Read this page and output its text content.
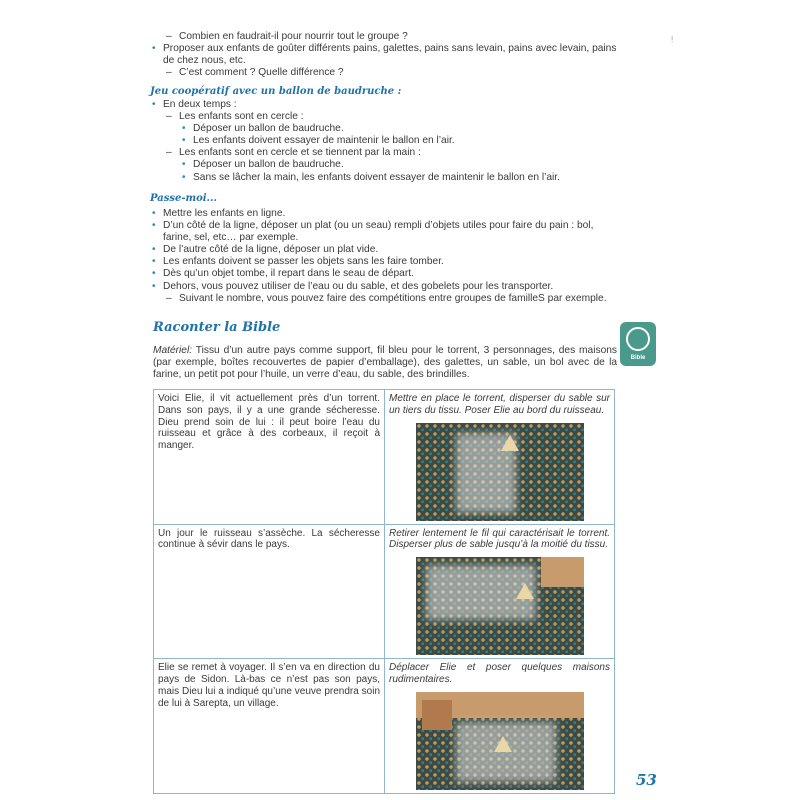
!
– Combien en faudrait-il pour nourrir tout le groupe ?
• Proposer aux enfants de goûter différents pains, galettes, pains sans levain, pains avec levain, pains de chez nous, etc.
– C’est comment ? Quelle différence ?
Jeu coopératif avec un ballon de baudruche :
• En deux temps :
– Les enfants sont en cercle :
• Déposer un ballon de baudruche.
• Les enfants doivent essayer de maintenir le ballon en l’air.
– Les enfants sont en cercle et se tiennent par la main :
• Déposer un ballon de baudruche.
• Sans se lâcher la main, les enfants doivent essayer de maintenir le ballon en l’air.
Passe-moi...
• Mettre les enfants en ligne.
• D’un côté de la ligne, déposer un plat (ou un seau) rempli d’objets utiles pour faire du pain : bol, farine, sel, etc… par exemple.
• De l’autre côté de la ligne, déposer un plat vide.
• Les enfants doivent se passer les objets sans les faire tomber.
• Dès qu’un objet tombe, il repart dans le seau de départ.
• Dehors, vous pouvez utiliser de l’eau ou du sable, et des gobelets pour les transporter.
– Suivant le nombre, vous pouvez faire des compétitions entre groupes de familleS par exemple.
Raconter la Bible
Bible
Matériel: Tissu d’un autre pays comme support, fil bleu pour le torrent, 3 personnages, des maisons (par exemple, boîtes recouvertes de papier d’emballage), des galettes, un sable, un bol avec de la farine, un petit pot pour l’huile, un verre d’eau, du sable, des brindilles.
Voici Elie, il vit actuellement près d’un torrent. Dans son pays, il y a une grande sécheresse. Dieu prend soin de lui : il peut boire l’eau du ruisseau et grâce à des corbeaux, il reçoit à manger.	Mettre en place le torrent, disperser du sable sur un tiers du tissu. Poser Elie au bord du ruisseau.

Un jour le ruisseau s’assèche. La sécheresse continue à sévir dans le pays.	Retirer lentement le fil qui caractérisait le torrent. Disperser plus de sable jusqu’à la moitié du tissu.

Elie se remet à voyager. Il s’en va en direction du pays de Sidon. Là-bas ce n’est pas son pays, mais Dieu lui a indiqué qu’une veuve prendra soin de lui à Sarepta, un village.	Déplacer Elie et poser quelques maisons rudimentaires.
53
